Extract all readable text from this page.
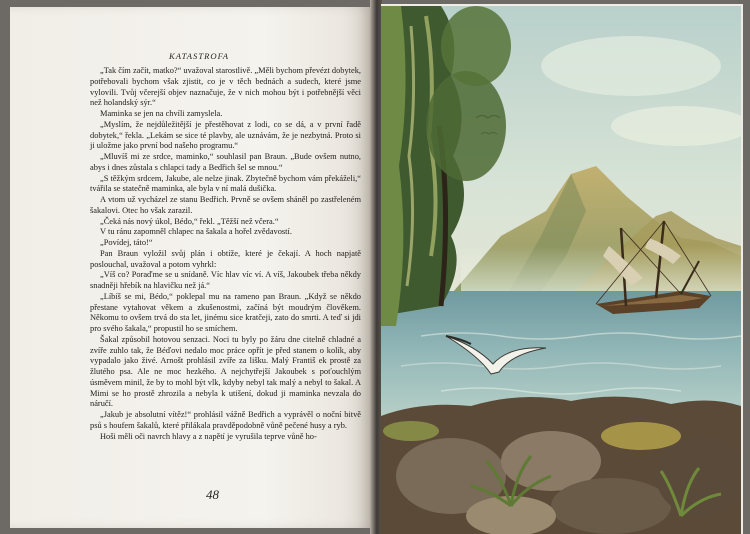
KATASTROFA

„Tak čím začít, matko?“ uvažoval starostlivě. „Měli bychom převézt dobytek, potřebovali bychom však zjistit, co je v těch bednách a sudech, které jsme vylovili. Tvůj včerejší objev naznačuje, že v nich mohou být i potřebnější věci než holandský sýr.“

Maminka se jen na chvíli zamyslela.

„Myslím, že nejdůležitější je přestěhovat z lodi, co se dá, a v první řadě dobytek,“ řekla. „Lekám se sice té plavby, ale uznávám, že je nezbytná. Proto si ji uložme jako první bod našeho programu.“

„Mluvíš mi ze srdce, maminko,“ souhlasil pan Braun. „Bude ovšem nutno, abys i dnes zůstala s chlapci tady a Bedřich šel se mnou.“

„S těžkým srdcem, Jakube, ale nelze jinak. Zbytečně bychom vám překáželi,“ tvářila se statečně maminka, ale byla v ní malá dušička.

A vtom už vycházel ze stanu Bedřich. Prvně se ovšem sháněl po zastřeleném šakalovi. Otec ho však zarazil.

„Čeká nás nový úkol, Bédo,“ řekl. „Těžší než včera.“

V tu ránu zapomněl chlapec na šakala a hořel zvědavostí.

„Povídej, táto!“

Pan Braun vyložil svůj plán i obtíže, které je čekají. A hoch napjatě poslouchal, uvažoval a potom vyhrkl:

„Víš co? Poraďme se u snídaně. Víc hlav víc ví. A víš, Jakoubek třeba někdy snadněji hřebík na hlavičku než já.“

„Líbíš se mi, Bédo,“ poklepal mu na rameno pan Braun. „Když se někdo přestane vytahovat věkem a zkušenostmi, začíná být moudrým člověkem. Někomu to ovšem trvá do sta let, jinému sice kratčeji, zato do smrti. A teď si jdi pro svého šakala,“ propustil ho se smíchem.

Šakal způsobil hotovou senzaci. Noci tu byly po žáru dne citelně chladné a zvíře zuhlo tak, že Béďovi nedalo moc práce opřít je před stanem o kolík, aby vypadalo jako živé. Arnošt prohlásil zvíře za lišku. Malý Františ ek prostě za žlutého psa. Ale ne moc hezkého. A nejchytřejší Jakoubek s poťouchlým úsměvem minil, že by to mohl být vlk, kdyby nebyl tak malý a nebyl to šakal. A Mimi se ho prostě zhrozila a nebyla k utišení, dokud ji maminka nevzala do náručí.

„Jakub je absolutní vítěz!“ prohlásil vážně Bedřich a vyprávěl o noční bitvě psů s houfem šakalů, které přilákala pravděpodobně vůně pečené husy a ryb.

Hoši měli oči navrch hlavy a z napětí je vyrušila teprve vůně ho-

48
